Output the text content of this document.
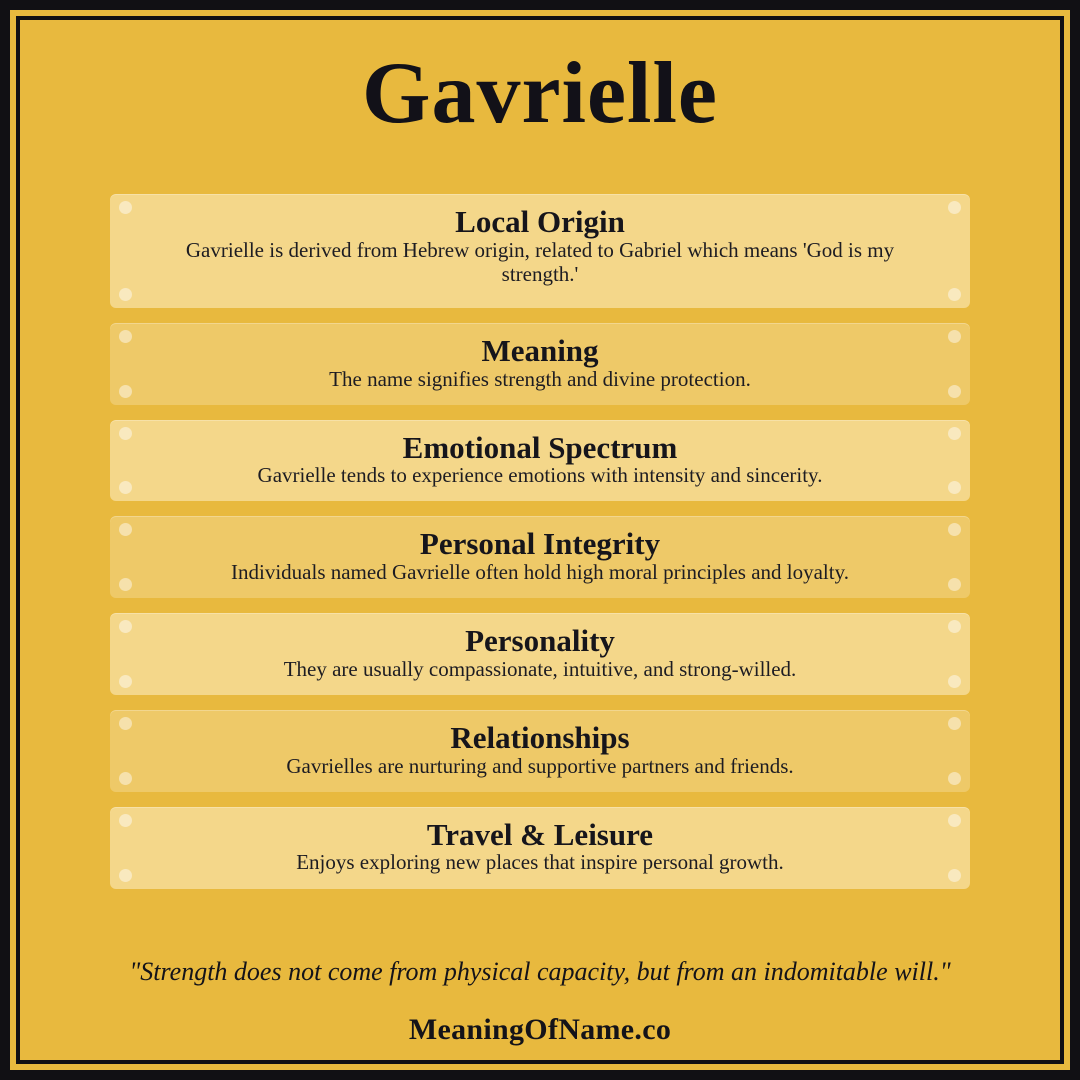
Gavrielle
Local Origin
Gavrielle is derived from Hebrew origin, related to Gabriel which means 'God is my strength.'
Meaning
The name signifies strength and divine protection.
Emotional Spectrum
Gavrielle tends to experience emotions with intensity and sincerity.
Personal Integrity
Individuals named Gavrielle often hold high moral principles and loyalty.
Personality
They are usually compassionate, intuitive, and strong-willed.
Relationships
Gavrielles are nurturing and supportive partners and friends.
Travel & Leisure
Enjoys exploring new places that inspire personal growth.
"Strength does not come from physical capacity, but from an indomitable will."
MeaningOfName.co
